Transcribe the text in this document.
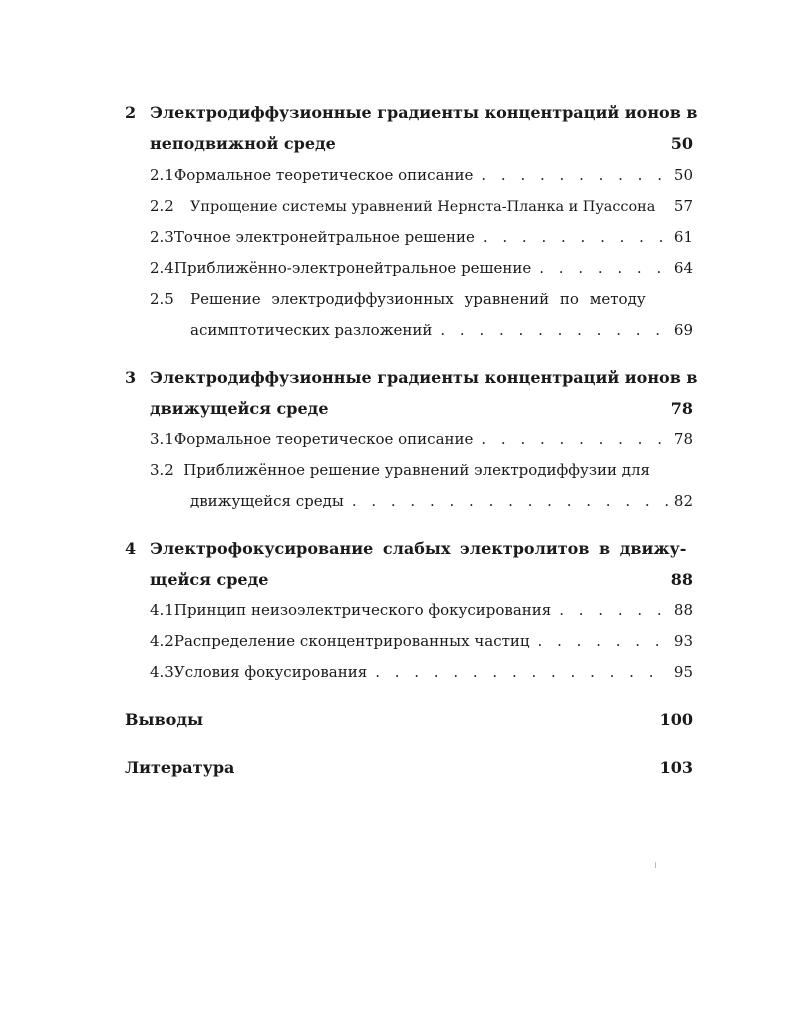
2 Электродиффузионные градиенты концентраций ионов в
неподвижной среде	50
2.1 Формальное теоретическое описание . . .	50
2.2	Упрощение системы уравнений Нернста-Планка и Пуассона 57
2.3 Точное электронейтральное решение . . .	61
2.4 Приближённо-электронейтральное решение . . .	64
2.5	Решение электродиффузионных уравнений по методу
асимптотических разложений . . .	69
3 Электродиффузионные градиенты концентраций ионов в
движущейся среде	78
3.1 Формальное теоретическое описание . . .	78
3.2 Приближённое решение уравнений электродиффузии для
движущейся среды . . .	82
4 Электрофокусирование слабых электролитов в движу-
щейся среде	88
4.1 Принцип неизоэлектрического фокусирования . . .	88
4.2 Распределение сконцентрированных частиц . . .	93
4.3 Условия фокусирования . . .	95
Выводы	100
Литература	103
